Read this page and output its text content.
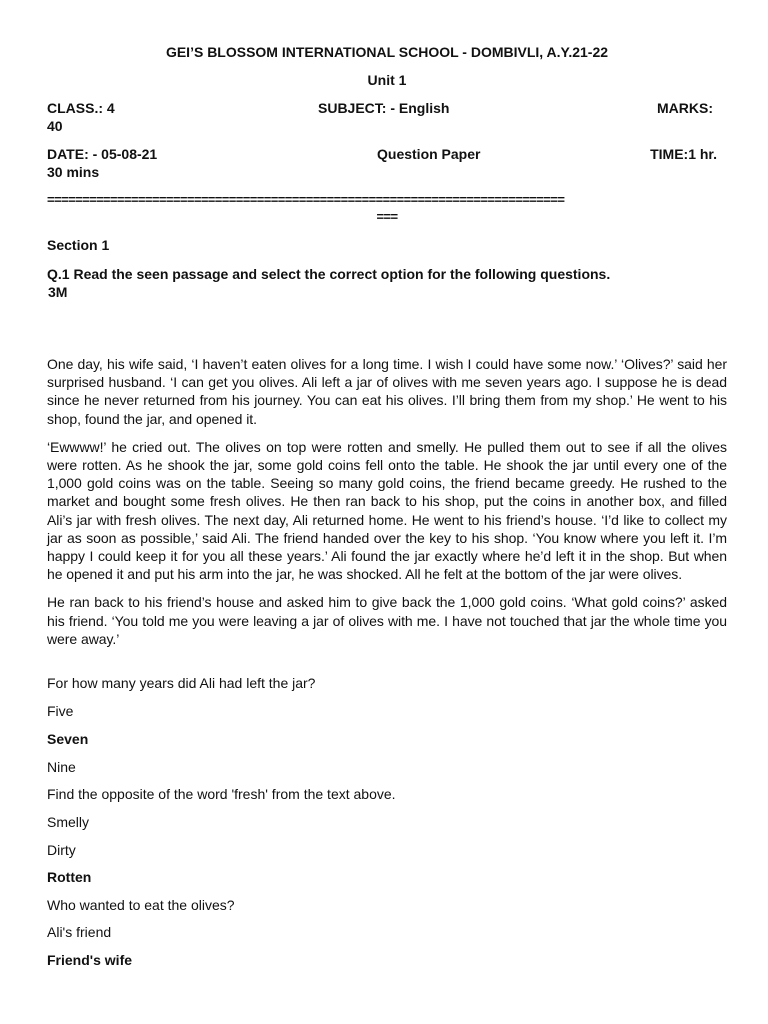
GEI’S BLOSSOM INTERNATIONAL SCHOOL - DOMBIVLI, A.Y.21-22
Unit 1
CLASS.: 4	SUBJECT: - English	MARKS:
40
DATE: - 05-08-21	Question Paper	TIME:1 hr.
30 mins
==========================================================================
===
Section 1
Q.1 Read the seen passage and select the correct option for the following questions.
3M

One day, his wife said, ‘I haven’t eaten olives for a long time. I wish I could have some now.’ ‘Olives?’ said her surprised husband. ‘I can get you olives. Ali left a jar of olives with me seven years ago. I suppose he is dead since he never returned from his journey. You can eat his olives. I’ll bring them from my shop.’ He went to his shop, found the jar, and opened it.

‘Ewwww!’ he cried out. The olives on top were rotten and smelly. He pulled them out to see if all the olives were rotten. As he shook the jar, some gold coins fell onto the table. He shook the jar until every one of the 1,000 gold coins was on the table. Seeing so many gold coins, the friend became greedy. He rushed to the market and bought some fresh olives. He then ran back to his shop, put the coins in another box, and filled Ali’s jar with fresh olives. The next day, Ali returned home. He went to his friend’s house. ‘I’d like to collect my jar as soon as possible,’ said Ali. The friend handed over the key to his shop. ‘You know where you left it. I’m happy I could keep it for you all these years.’ Ali found the jar exactly where he’d left it in the shop. But when he opened it and put his arm into the jar, he was shocked. All he felt at the bottom of the jar were olives.

He ran back to his friend’s house and asked him to give back the 1,000 gold coins. ‘What gold coins?’ asked his friend. ‘You told me you were leaving a jar of olives with me. I have not touched that jar the whole time you were away.’

For how many years did Ali had left the jar?
Five
Seven
Nine
Find the opposite of the word 'fresh' from the text above.
Smelly
Dirty
Rotten
Who wanted to eat the olives?
Ali's friend
Friend's wife
